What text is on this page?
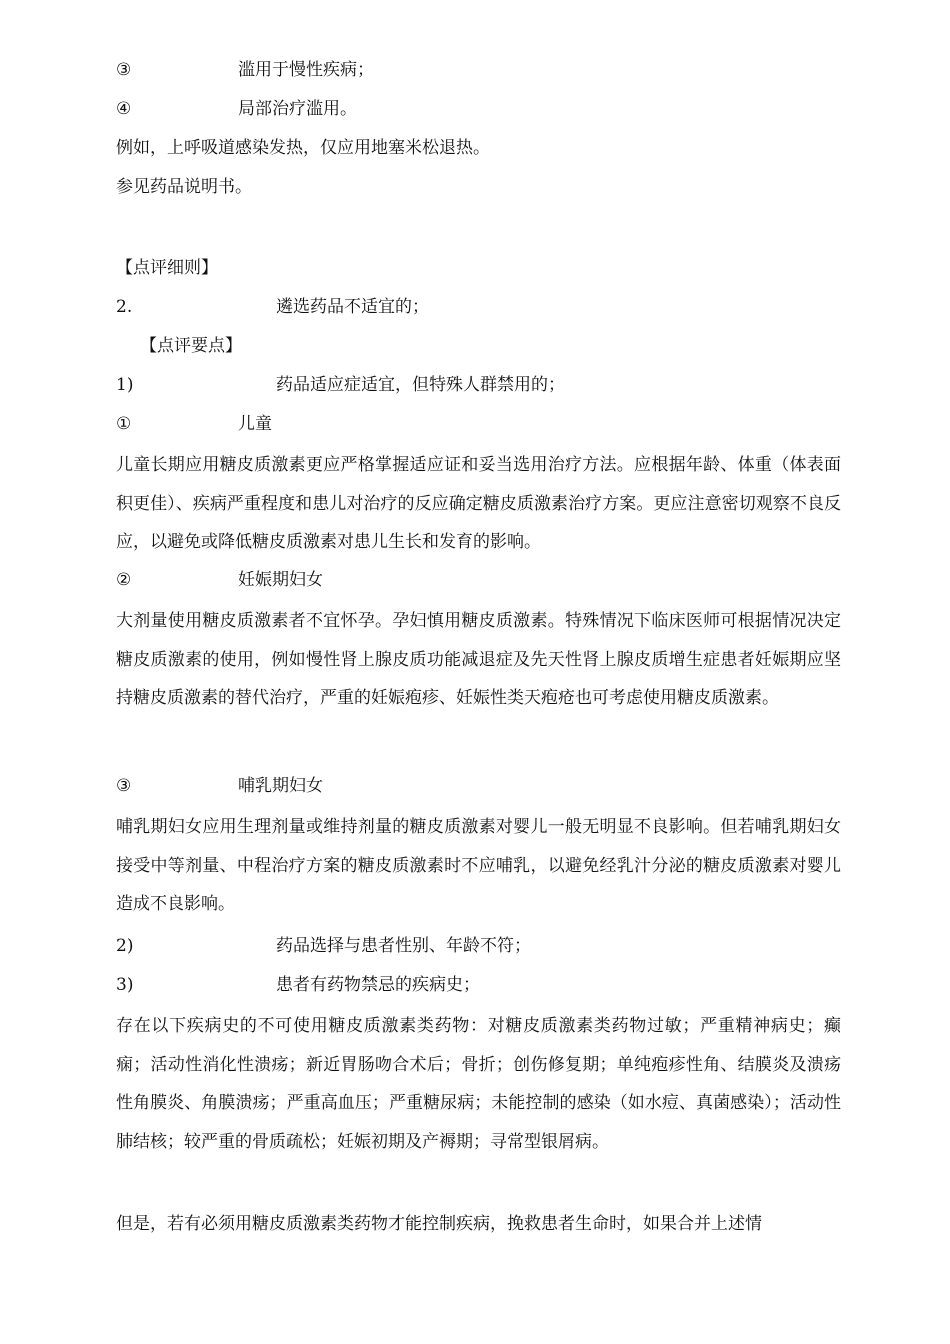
③	滥用于慢性疾病；
④	局部治疗滥用。
例如，上呼吸道感染发热，仅应用地塞米松退热。
参见药品说明书。
【点评细则】
2.	遴选药品不适宜的；
【点评要点】
1)	药品适应症适宜，但特殊人群禁用的；
①	儿童
儿童长期应用糖皮质激素更应严格掌握适应证和妥当选用治疗方法。应根据年龄、体重（体表面积更佳）、疾病严重程度和患儿对治疗的反应确定糖皮质激素治疗方案。更应注意密切观察不良反应，以避免或降低糖皮质激素对患儿生长和发育的影响。
②	妊娠期妇女
大剂量使用糖皮质激素者不宜怀孕。孕妇慎用糖皮质激素。特殊情况下临床医师可根据情况决定糖皮质激素的使用，例如慢性肾上腺皮质功能减退症及先天性肾上腺皮质增生症患者妊娠期应坚持糖皮质激素的替代治疗，严重的妊娠疱疹、妊娠性类天疱疮也可考虑使用糖皮质激素。
③	哺乳期妇女
哺乳期妇女应用生理剂量或维持剂量的糖皮质激素对婴儿一般无明显不良影响。但若哺乳期妇女接受中等剂量、中程治疗方案的糖皮质激素时不应哺乳，以避免经乳汁分泌的糖皮质激素对婴儿造成不良影响。
2)	药品选择与患者性别、年龄不符；
3)	患者有药物禁忌的疾病史；
存在以下疾病史的不可使用糖皮质激素类药物：对糖皮质激素类药物过敏；严重精神病史；癫痫；活动性消化性溃疡；新近胃肠吻合术后；骨折；创伤修复期；单纯疱疹性角、结膜炎及溃疡性角膜炎、角膜溃疡；严重高血压；严重糖尿病；未能控制的感染（如水痘、真菌感染）；活动性肺结核；较严重的骨质疏松；妊娠初期及产褥期；寻常型银屑病。
但是，若有必须用糖皮质激素类药物才能控制疾病，挽救患者生命时，如果合并上述情
